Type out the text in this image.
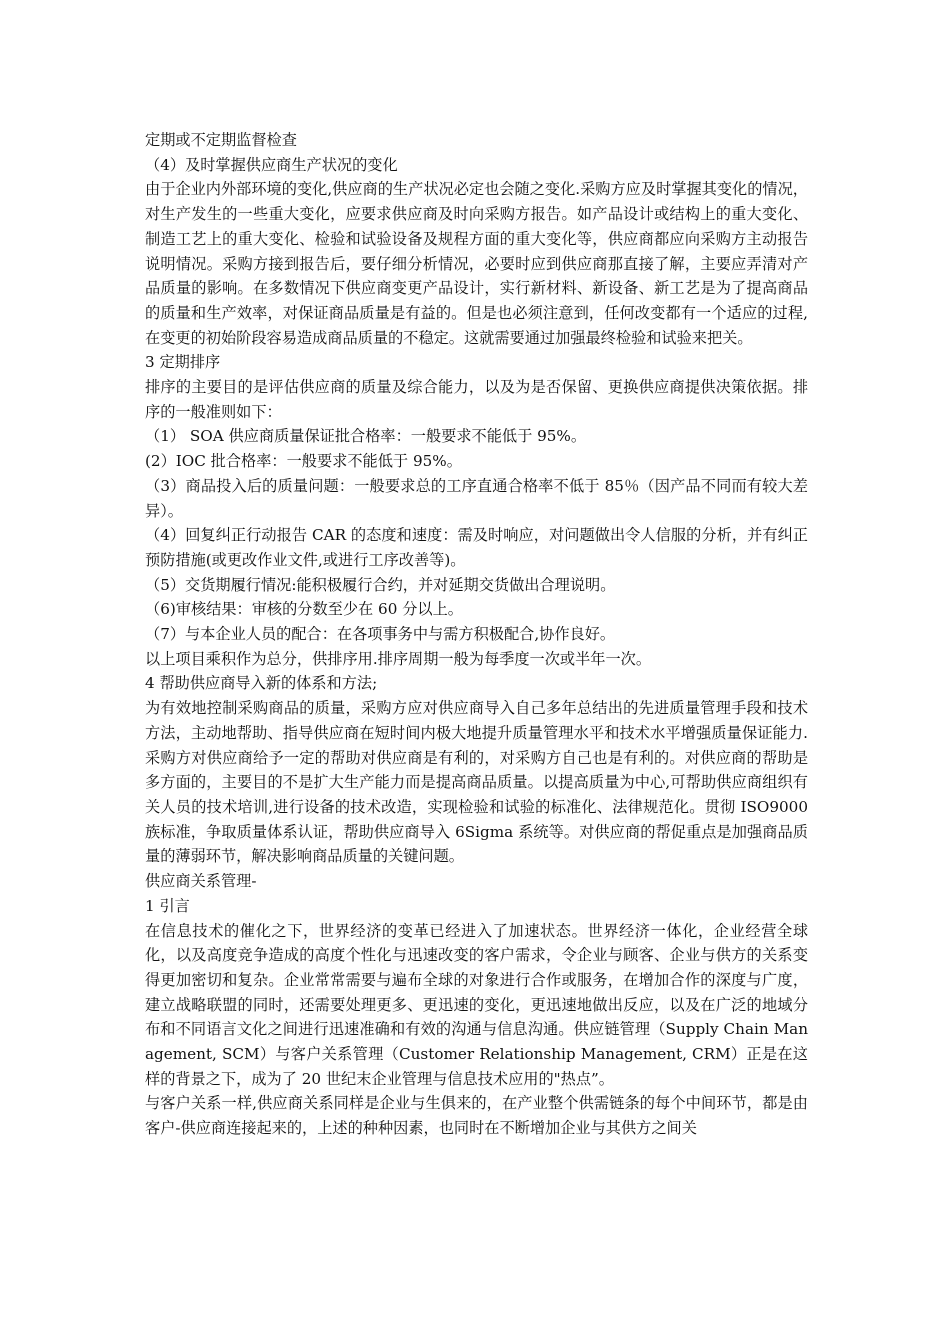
定期或不定期监督检查

（4）及时掌握供应商生产状况的变化

由于企业内外部环境的变化,供应商的生产状况必定也会随之变化.采购方应及时掌握其变化的情况，对生产发生的一些重大变化，应要求供应商及时向采购方报告。如产品设计或结构上的重大变化、制造工艺上的重大变化、检验和试验设备及规程方面的重大变化等，供应商都应向采购方主动报告说明情况。采购方接到报告后，要仔细分析情况，必要时应到供应商那直接了解，主要应弄清对产品质量的影响。在多数情况下供应商变更产品设计，实行新材料、新设备、新工艺是为了提高商品的质量和生产效率，对保证商品质量是有益的。但是也必须注意到，任何改变都有一个适应的过程,在变更的初始阶段容易造成商品质量的不稳定。这就需要通过加强最终检验和试验来把关。

3 定期排序

排序的主要目的是评估供应商的质量及综合能力，以及为是否保留、更换供应商提供决策依据。排序的一般准则如下：

（1） SOA 供应商质量保证批合格率：一般要求不能低于 95%。

(2）IOC 批合格率：一般要求不能低于 95%。

（3）商品投入后的质量问题：一般要求总的工序直通合格率不低于 85％（因产品不同而有较大差异）。

（4）回复纠正行动报告 CAR 的态度和速度：需及时响应，对问题做出令人信服的分析，并有纠正预防措施(或更改作业文件,或进行工序改善等)。

（5）交货期履行情况:能积极履行合约，并对延期交货做出合理说明。

（6)审核结果：审核的分数至少在 60 分以上。

（7）与本企业人员的配合：在各项事务中与需方积极配合,协作良好。

以上项目乘积作为总分，供排序用.排序周期一般为每季度一次或半年一次。

4 帮助供应商导入新的体系和方法;

为有效地控制采购商品的质量，采购方应对供应商导入自己多年总结出的先进质量管理手段和技术方法，主动地帮助、指导供应商在短时间内极大地提升质量管理水平和技术水平增强质量保证能力.采购方对供应商给予一定的帮助对供应商是有利的，对采购方自己也是有利的。对供应商的帮助是多方面的，主要目的不是扩大生产能力而是提高商品质量。以提高质量为中心,可帮助供应商组织有关人员的技术培训,进行设备的技术改造，实现检验和试验的标准化、法律规范化。贯彻 ISO9000 族标准，争取质量体系认证，帮助供应商导入 6Sigma 系统等。对供应商的帮促重点是加强商品质量的薄弱环节，解决影响商品质量的关键问题。

供应商关系管理-

1 引言

在信息技术的催化之下，世界经济的变革已经进入了加速状态。世界经济一体化，企业经营全球化，以及高度竞争造成的高度个性化与迅速改变的客户需求，令企业与顾客、企业与供方的关系变得更加密切和复杂。企业常常需要与遍布全球的对象进行合作或服务，在增加合作的深度与广度，建立战略联盟的同时，还需要处理更多、更迅速的变化，更迅速地做出反应，以及在广泛的地域分布和不同语言文化之间进行迅速准确和有效的沟通与信息沟通。供应链管理（Supply Chain Management, SCM）与客户关系管理（Customer Relationship Management, CRM）正是在这样的背景之下，成为了 20 世纪末企业管理与信息技术应用的"热点”。

与客户关系一样,供应商关系同样是企业与生俱来的，在产业整个供需链条的每个中间环节，都是由客户-供应商连接起来的，上述的种种因素，也同时在不断增加企业与其供方之间关
